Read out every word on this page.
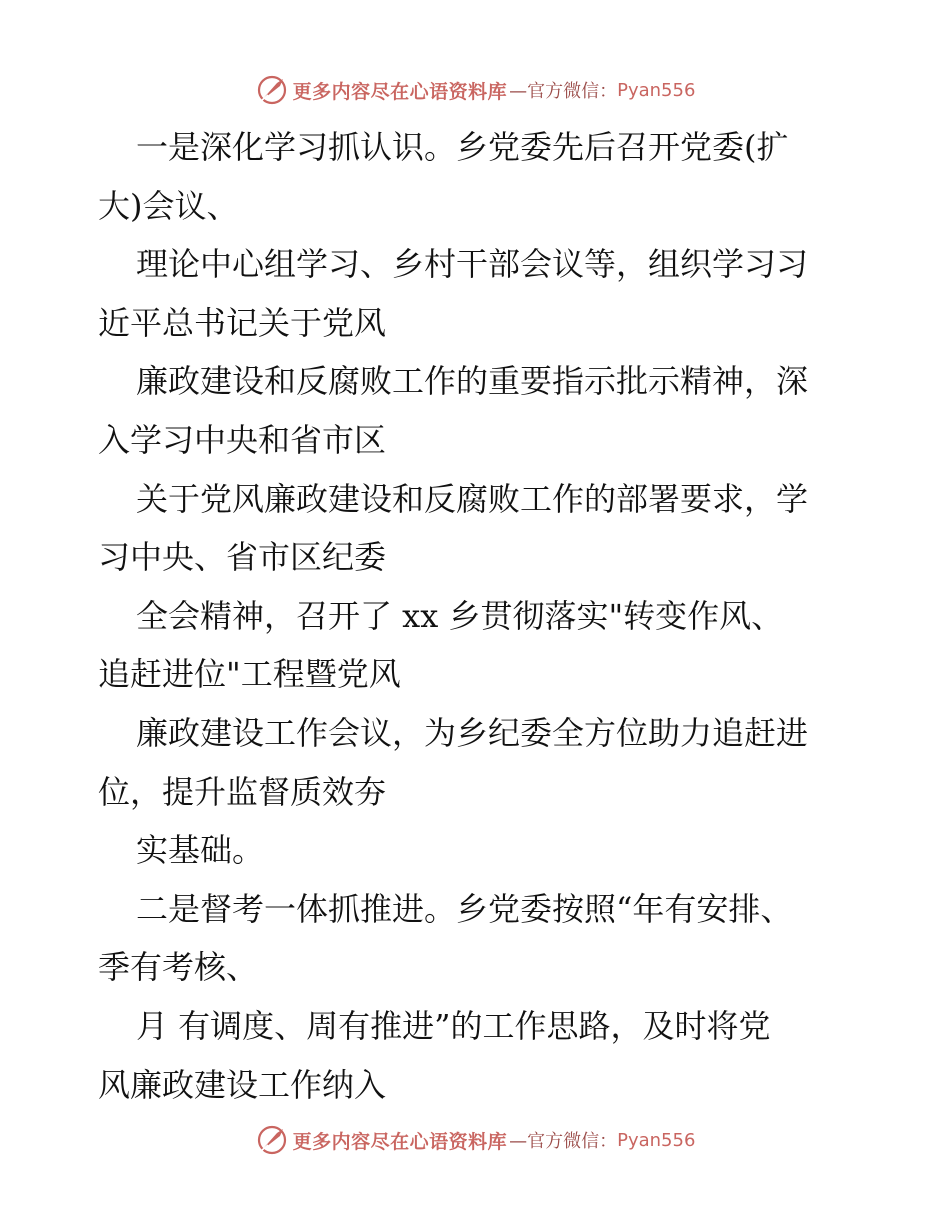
更多内容尽在心语资料库 —官方微信： Pyan556
一是深化学习抓认识。乡党委先后召开党委(扩
大)会议、
理论中心组学习、乡村干部会议等，组织学习习
近平总书记关于党风
廉政建设和反腐败工作的重要指示批示精神，深
入学习中央和省市区
关于党风廉政建设和反腐败工作的部署要求，学
习中央、省市区纪委
全会精神，召开了 xx 乡贯彻落实"转变作风、
追赶进位"工程暨党风
廉政建设工作会议，为乡纪委全方位助力追赶进
位，提升监督质效夯
实基础。
二是督考一体抓推进。乡党委按照“年有安排、
季有考核、
月 有调度、周有推进”的工作思路，及时将党
风廉政建设工作纳入
更多内容尽在心语资料库 —官方微信： Pyan556
